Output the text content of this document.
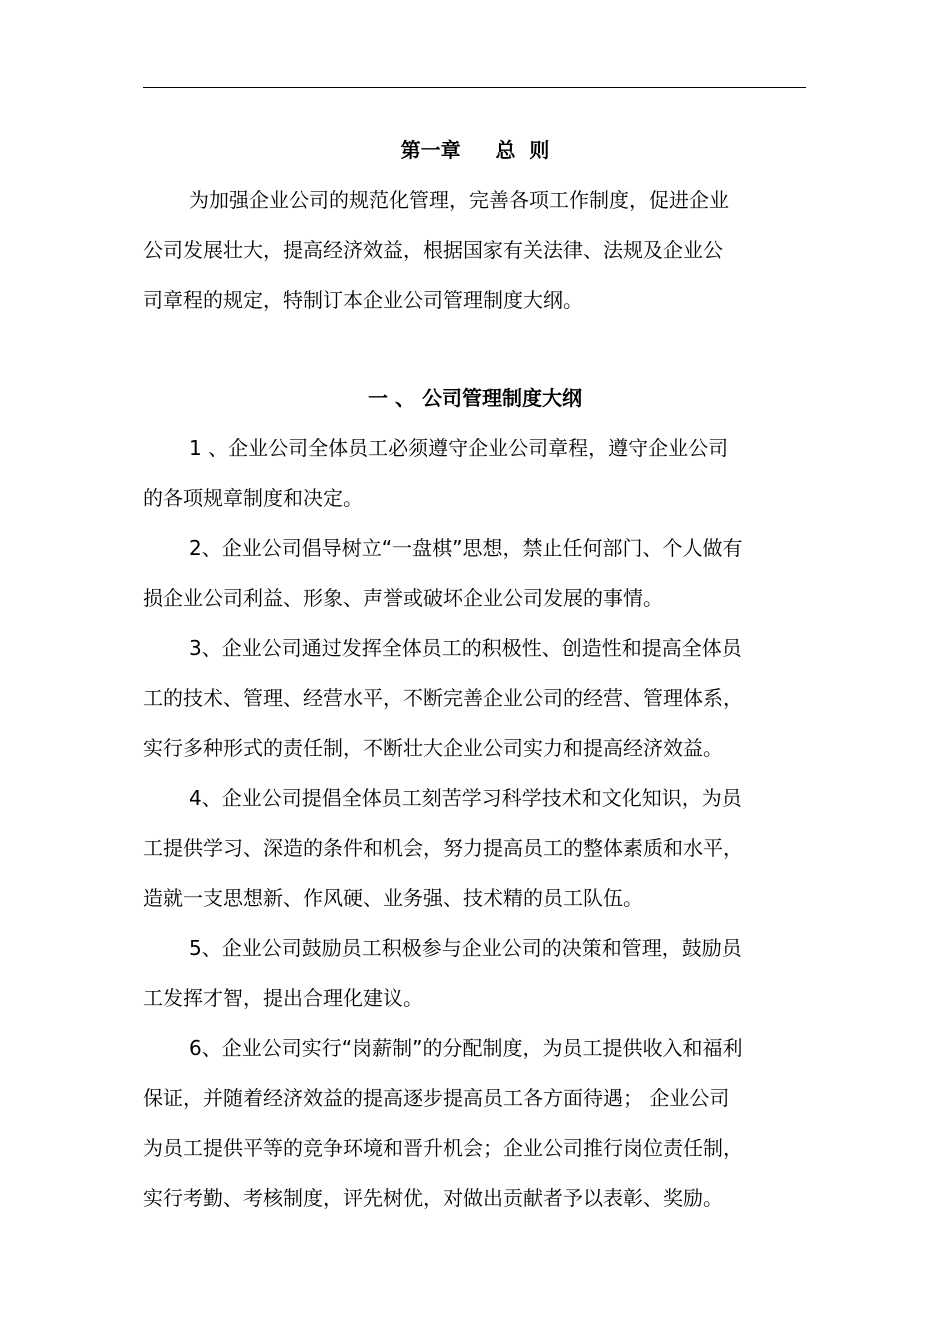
第一章     总  则
为加强企业公司的规范化管理，完善各项工作制度，促进企业
公司发展壮大，提高经济效益，根据国家有关法律、法规及企业公
司章程的规定，特制订本企业公司管理制度大纲。
一 、 公司管理制度大纲
1 、企业公司全体员工必须遵守企业公司章程，遵守企业公司
的各项规章制度和决定。
2、企业公司倡导树立“一盘棋”思想，禁止任何部门、个人做有
损企业公司利益、形象、声誉或破坏企业公司发展的事情。
3、企业公司通过发挥全体员工的积极性、创造性和提高全体员
工的技术、管理、经营水平，不断完善企业公司的经营、管理体系，
实行多种形式的责任制，不断壮大企业公司实力和提高经济效益。
4、企业公司提倡全体员工刻苦学习科学技术和文化知识，为员
工提供学习、深造的条件和机会，努力提高员工的整体素质和水平，
造就一支思想新、作风硬、业务强、技术精的员工队伍。
5、企业公司鼓励员工积极参与企业公司的决策和管理，鼓励员
工发挥才智，提出合理化建议。
6、企业公司实行“岗薪制”的分配制度，为员工提供收入和福利
保证，并随着经济效益的提高逐步提高员工各方面待遇； 企业公司
为员工提供平等的竞争环境和晋升机会；企业公司推行岗位责任制，
实行考勤、考核制度，评先树优，对做出贡献者予以表彰、奖励。
